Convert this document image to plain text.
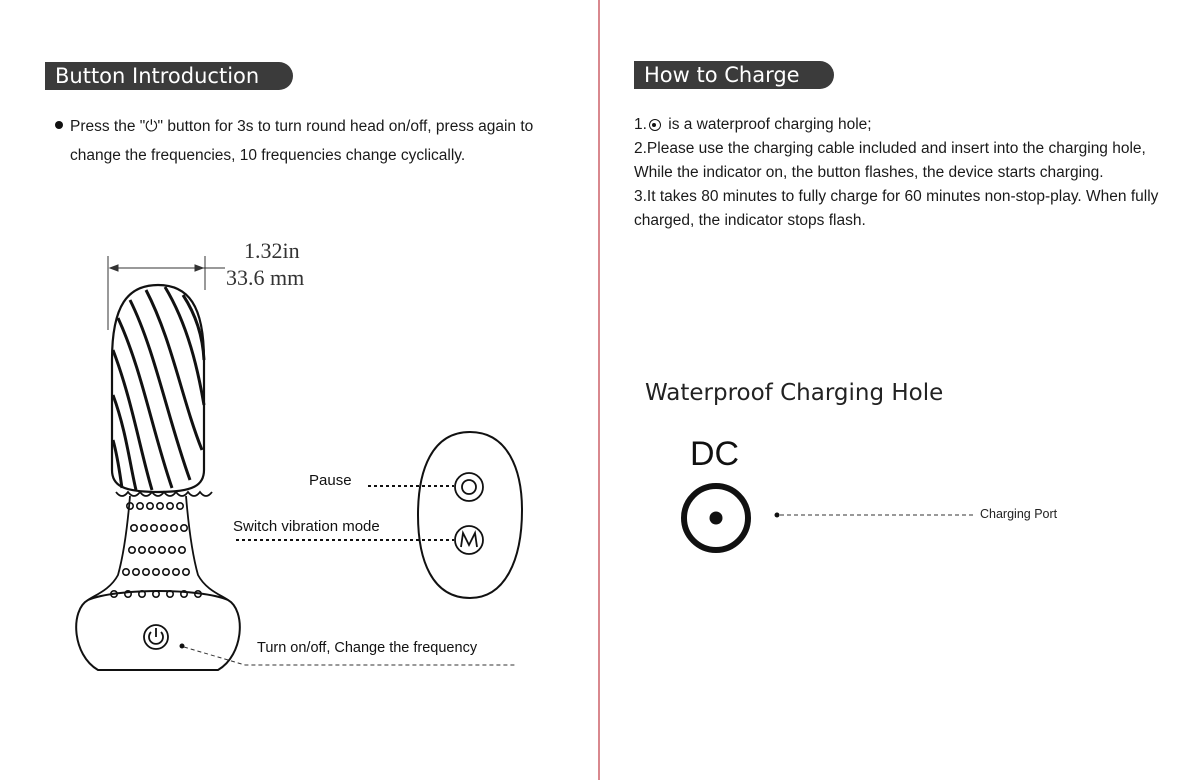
Button Introduction
Press the "⏻" button for 3s to turn round head on/off, press again to change the frequencies, 10 frequencies change cyclically.
1.32in
33.6 mm
Pause
Switch vibration mode
Turn on/off, Change the frequency
How to Charge

1. is a waterproof charging hole;

2.Please use the charging cable included and insert into the charging hole, While the indicator on, the button flashes, the device starts charging.

3.It takes 80 minutes to fully charge for 60 minutes non-stop-play. When fully charged, the indicator stops flash.

Waterproof Charging Hole
DC
Charging Port
